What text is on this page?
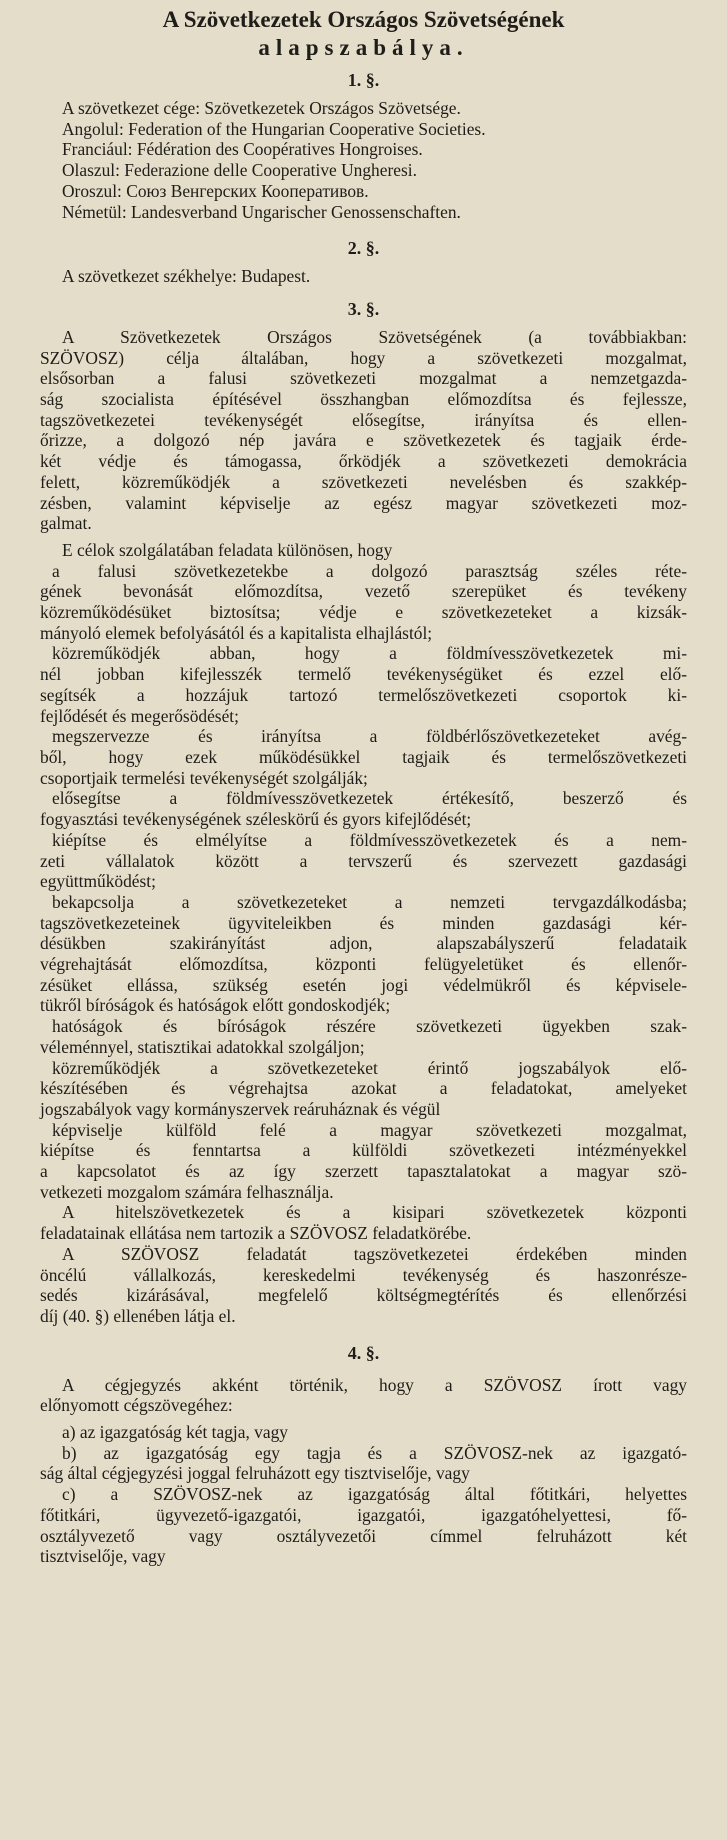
A Szövetkezetek Országos Szövetségének
alapszabálya.
1. §.

A szövetkezet cége: Szövetkezetek Országos Szövetsége.

Angolul: Federation of the Hungarian Cooperative Societies.

Franciául: Fédération des Coopératives Hongroises.

Olaszul: Federazione delle Cooperative Ungheresi.

Oroszul: Союз Венгерских Кооперативов.

Németül: Landesverband Ungarischer Genossenschaften.

2. §.

A szövetkezet székhelye: Budapest.

3. §.

A Szövetkezetek Országos Szövetségének (a továbbiakban:

SZÖVOSZ) célja általában, hogy a szövetkezeti mozgalmat,

elsősorban a falusi szövetkezeti mozgalmat a nemzetgazda-

ság szocialista építésével összhangban előmozdítsa és fejlessze,

tagszövetkezetei tevékenységét elősegítse, irányítsa és ellen-

őrizze, a dolgozó nép javára e szövetkezetek és tagjaik érde-

két védje és támogassa, őrködjék a szövetkezeti demokrácia

felett, közreműködjék a szövetkezeti nevelésben és szakkép-

zésben, valamint képviselje az egész magyar szövetkezeti moz-

galmat.

E célok szolgálatában feladata különösen, hogy

a falusi szövetkezetekbe a dolgozó parasztság széles réte-

gének bevonását előmozdítsa, vezető szerepüket és tevékeny

közreműködésüket biztosítsa; védje e szövetkezeteket a kizsák-

mányoló elemek befolyásától és a kapitalista elhajlástól;

közreműködjék abban, hogy a földmívesszövetkezetek mi-

nél jobban kifejlesszék termelő tevékenységüket és ezzel elő-

segítsék a hozzájuk tartozó termelőszövetkezeti csoportok ki-

fejlődését és megerősödését;

megszervezze és irányítsa a földbérlőszövetkezeteket avég-

ből, hogy ezek működésükkel tagjaik és termelőszövetkezeti

csoportjaik termelési tevékenységét szolgálják;

elősegítse a földmívesszövetkezetek értékesítő, beszerző és

fogyasztási tevékenységének széleskörű és gyors kifejlődését;

kiépítse és elmélyítse a földmívesszövetkezetek és a nem-

zeti vállalatok között a tervszerű és szervezett gazdasági

együttműködést;

bekapcsolja a szövetkezeteket a nemzeti tervgazdálkodásba;

tagszövetkezeteinek ügyviteleikben és minden gazdasági kér-

désükben szakirányítást adjon, alapszabályszerű feladataik

végrehajtását előmozdítsa, központi felügyeletüket és ellenőr-

zésüket ellássa, szükség esetén jogi védelmükről és képvisele-

tükről bíróságok és hatóságok előtt gondoskodjék;

hatóságok és bíróságok részére szövetkezeti ügyekben szak-

véleménnyel, statisztikai adatokkal szolgáljon;

közreműködjék a szövetkezeteket érintő jogszabályok elő-

készítésében és végrehajtsa azokat a feladatokat, amelyeket

jogszabályok vagy kormányszervek reáruháznak és végül

képviselje külföld felé a magyar szövetkezeti mozgalmat,

kiépítse és fenntartsa a külföldi szövetkezeti intézményekkel

a kapcsolatot és az így szerzett tapasztalatokat a magyar szö-

vetkezeti mozgalom számára felhasználja.

A hitelszövetkezetek és a kisipari szövetkezetek központi

feladatainak ellátása nem tartozik a SZÖVOSZ feladatkörébe.

A SZÖVOSZ feladatát tagszövetkezetei érdekében minden

öncélú vállalkozás, kereskedelmi tevékenység és haszonrésze-

sedés kizárásával, megfelelő költségmegtérítés és ellenőrzési

díj (40. §) ellenében látja el.

4. §.

A cégjegyzés akként történik, hogy a SZÖVOSZ írott vagy

előnyomott cégszövegéhez:

a) az igazgatóság két tagja, vagy

b) az igazgatóság egy tagja és a SZÖVOSZ-nek az igazgató-

ság által cégjegyzési joggal felruházott egy tisztviselője, vagy

c) a SZÖVOSZ-nek az igazgatóság által főtitkári, helyettes

főtitkári, ügyvezető-igazgatói, igazgatói, igazgatóhelyettesi, fő-

osztályvezető vagy osztályvezetői címmel felruházott két

tisztviselője, vagy
